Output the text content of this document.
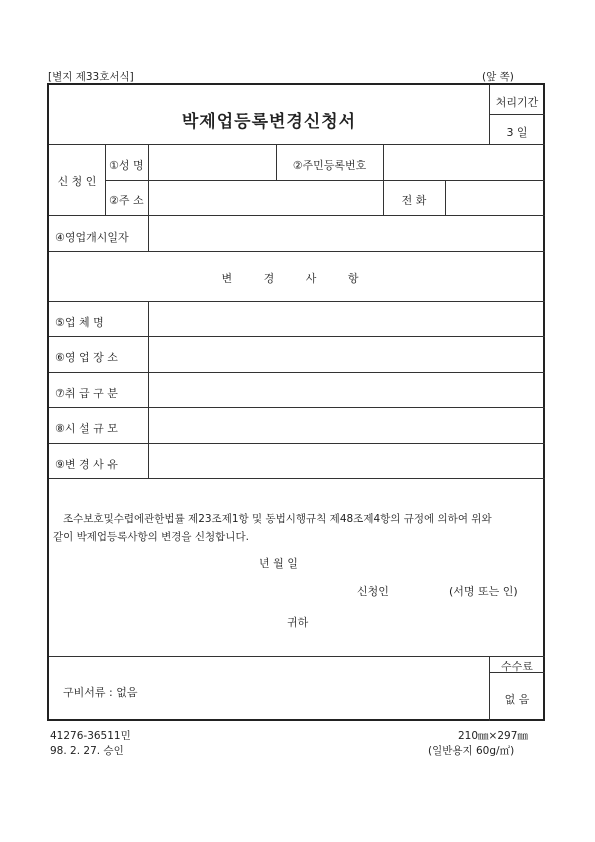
[별지 제33호서식]	(앞 쪽)
박제업등록변경신청서
처리기간
3 일
신 청 인
①성 명	②주민등록번호
②주 소	전 화
④영업개시일자
변 경 사 항
⑤업 체 명
⑥영 업 장 소
⑦취 급 구 분
⑧시 설 규 모
⑨변 경 사 유
조수보호및수렵에관한법률 제23조제1항 및 동법시행규칙 제48조제4항의 규정에 의하여 위와
같이 박제업등록사항의 변경을 신청합니다.
년 월 일
신청인	(서명 또는 인)
귀하
구비서류 : 없음
수수료
없 음
41276-36511민
98. 2. 27. 승인
210㎜×297㎜
(일반용지 60g/㎡)
